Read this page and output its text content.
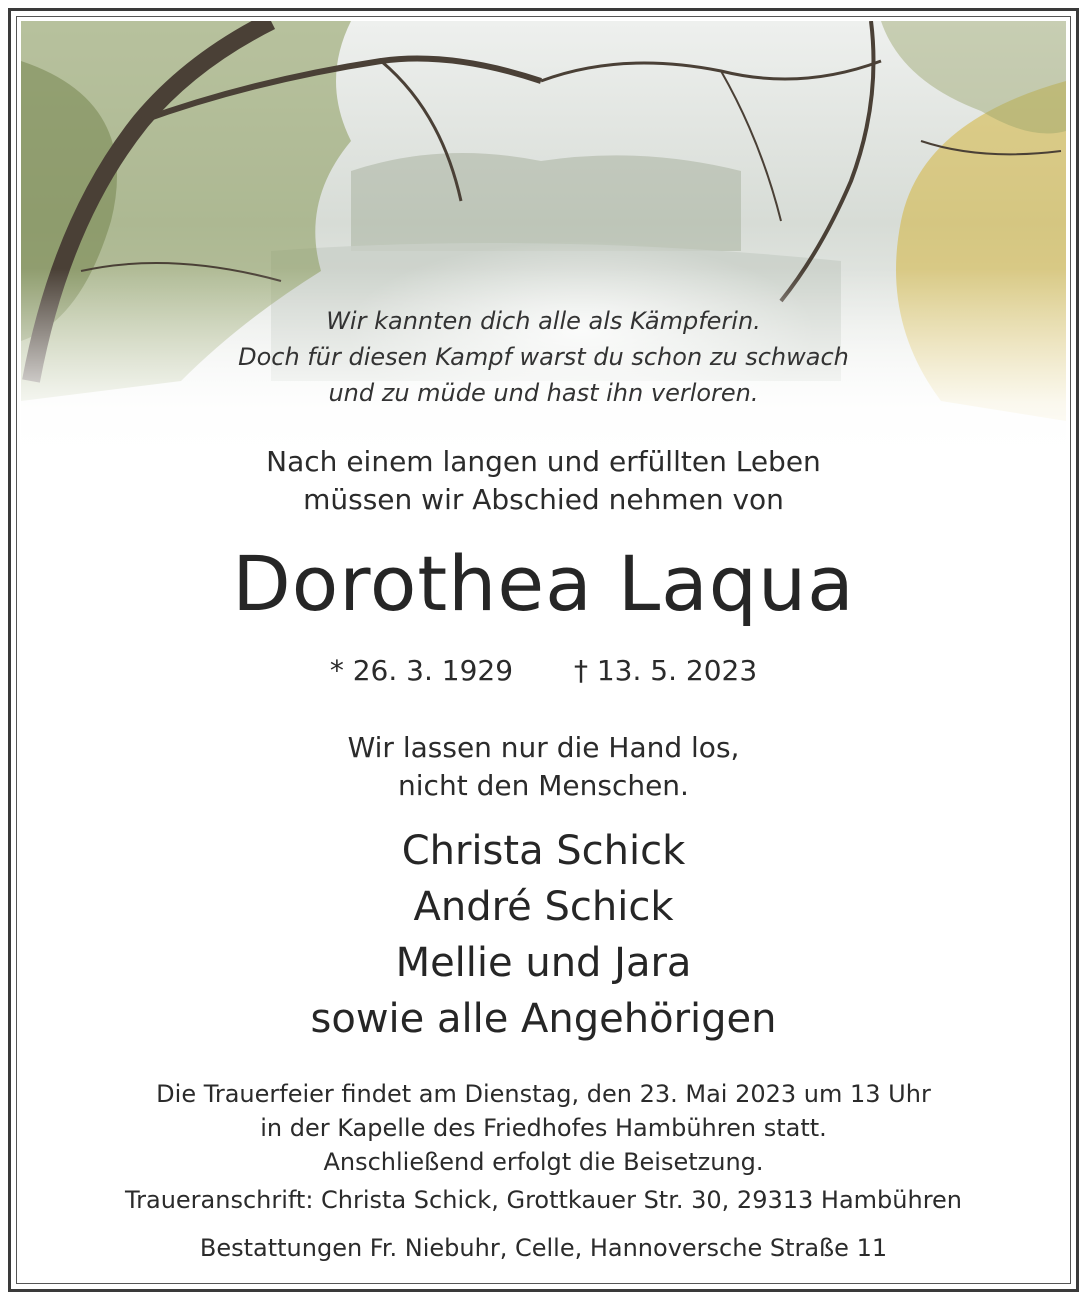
Wir kannten dich alle als Kämpferin.
Doch für diesen Kampf warst du schon zu schwach
und zu müde und hast ihn verloren.
Nach einem langen und erfüllten Leben
müssen wir Abschied nehmen von
Dorothea Laqua
* 26. 3. 1929 † 13. 5. 2023
Wir lassen nur die Hand los,
nicht den Menschen.
Christa Schick
André Schick
Mellie und Jara
sowie alle Angehörigen
Die Trauerfeier findet am Dienstag, den 23. Mai 2023 um 13 Uhr
in der Kapelle des Friedhofes Hambühren statt.
Anschließend erfolgt die Beisetzung.
Traueranschrift: Christa Schick, Grottkauer Str. 30, 29313 Hambühren
Bestattungen Fr. Niebuhr, Celle, Hannoversche Straße 11
